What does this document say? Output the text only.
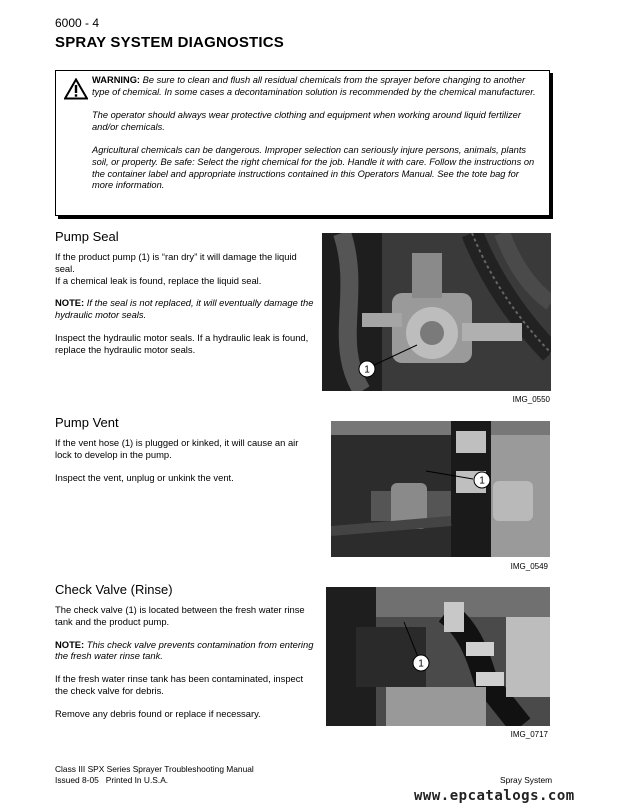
6000 - 4
SPRAY SYSTEM DIAGNOSTICS

WARNING: Be sure to clean and flush all residual chemicals from the sprayer before changing to another type of chemical. In some cases a decontamination solution is recommended by the chemical manufacturer.

The operator should always wear protective clothing and equipment when working around liquid fertilizer and/or chemicals.

Agricultural chemicals can be dangerous. Improper selection can seriously injure persons, animals, plants soil, or property. Be safe: Select the right chemical for the job. Handle it with care. Follow the instructions on the container label and appropriate instructions contained in this Operators Manual. See the tote bag for more information.

Pump Seal

If the product pump (1) is “ran dry” it will damage the liquid seal.

If a chemical leak is found, replace the liquid seal.

NOTE: If the seal is not replaced, it will eventually damage the hydraulic motor seals.

Inspect the hydraulic motor seals. If a hydraulic leak is found, replace the hydraulic motor seals.

1
IMG_0550
Pump Vent

If the vent hose (1) is plugged or kinked, it will cause an air lock to develop in the pump.

Inspect the vent, unplug or unkink the vent.	1
IMG_0549
Check Valve (Rinse)

The check valve (1) is located between the fresh water rinse tank and the product pump.

NOTE: This check valve prevents contamination from entering the fresh water rinse tank.

If the fresh water rinse tank has been contaminated, inspect the check valve for debris.

Remove any debris found or replace if necessary.

1
IMG_0717
Class III SPX Series Sprayer Troubleshooting Manual
Issued 8-05   Printed In U.S.A.	Spray System
www.epcatalogs.com
